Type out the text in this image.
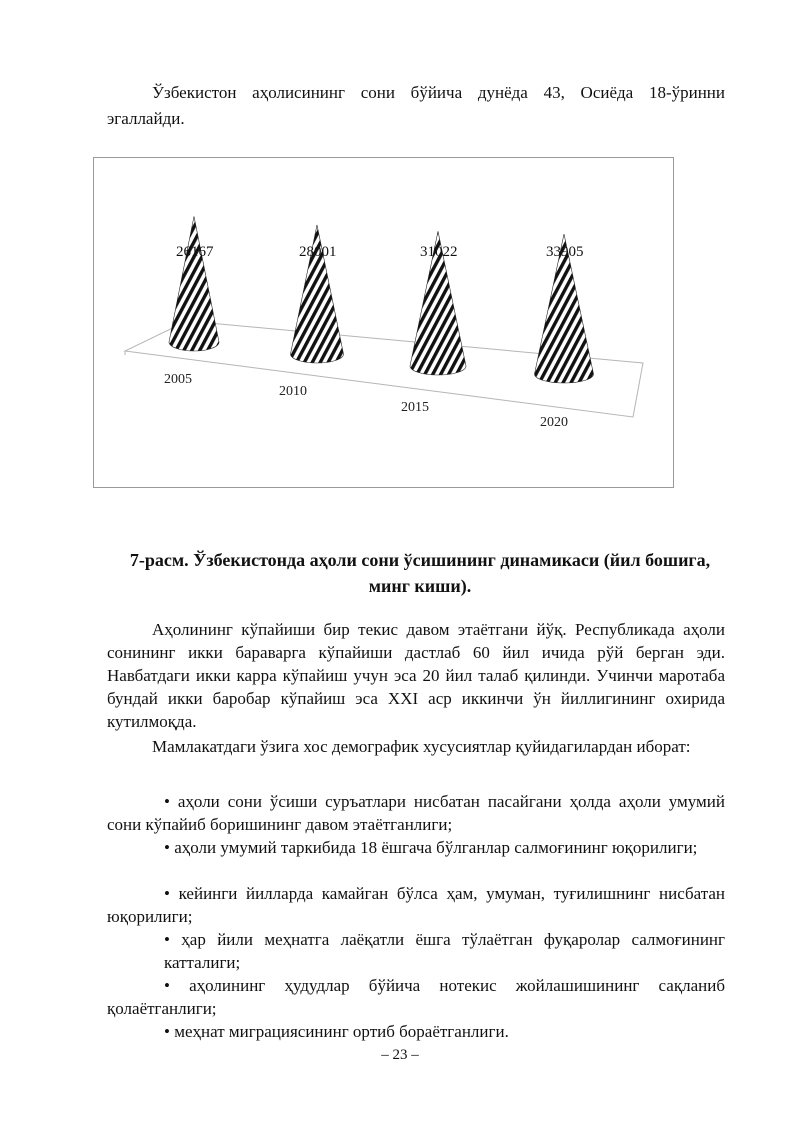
Ўзбекистон аҳолисининг сони бўйича дунёда 43, Осиёда 18-ўринни эгаллайди.

26167
2005
28001
2010
31022
2015
33905
2020

7-расм. Ўзбекистонда аҳоли сони ўсишининг динамикаси (йил бошига, минг киши).

Аҳолининг кўпайиши бир текис давом этаётгани йўқ. Республикада аҳоли сонининг икки бараварга кўпайиши дастлаб 60 йил ичида рўй берган эди. Навбатдаги икки карра кўпайиш учун эса 20 йил талаб қилинди. Учинчи маротаба бундай икки баробар кўпайиш эса XXI аср иккинчи ўн йиллигининг охирида кутилмоқда.

Мамлакатдаги ўзига хос демографик хусусиятлар қуйидагилардан иборат:

• аҳоли сони ўсиши суръатлари нисбатан пасайгани ҳолда аҳоли умумий сони кўпайиб боришининг давом этаётганлиги;

• аҳоли умумий таркибида 18 ёшгача бўлганлар салмоғининг юқорилиги;

• кейинги йилларда камайган бўлса ҳам, умуман, туғилишнинг нисбатан юқорилиги;

• ҳар йили меҳнатга лаёқатли ёшга тўлаётган фуқаролар салмоғининг катталиги;

• аҳолининг ҳудудлар бўйича нотекис жойлашишининг сақланиб қолаётганлиги;

• меҳнат миграциясининг ортиб бораётганлиги.

– 23 –
